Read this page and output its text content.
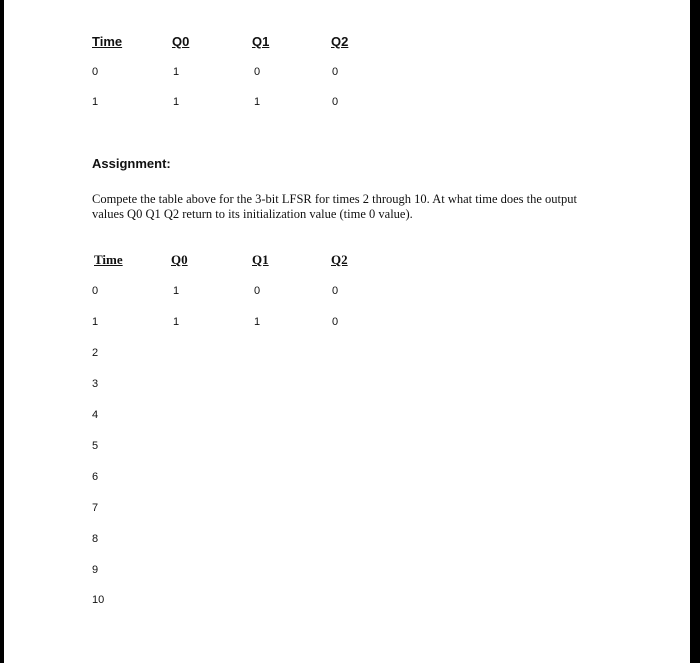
Time	Q0	Q1	Q2
0	1	0	0
1	1	1	0
Assignment:
Compete the table above for the 3-bit LFSR for times 2 through 10. At what time does the output
values Q0 Q1 Q2 return to its initialization value (time 0 value).
Time	Q0	Q1	Q2
0	1	0	0
1	1	1	0
2
3
4
5
6
7
8
9
10
